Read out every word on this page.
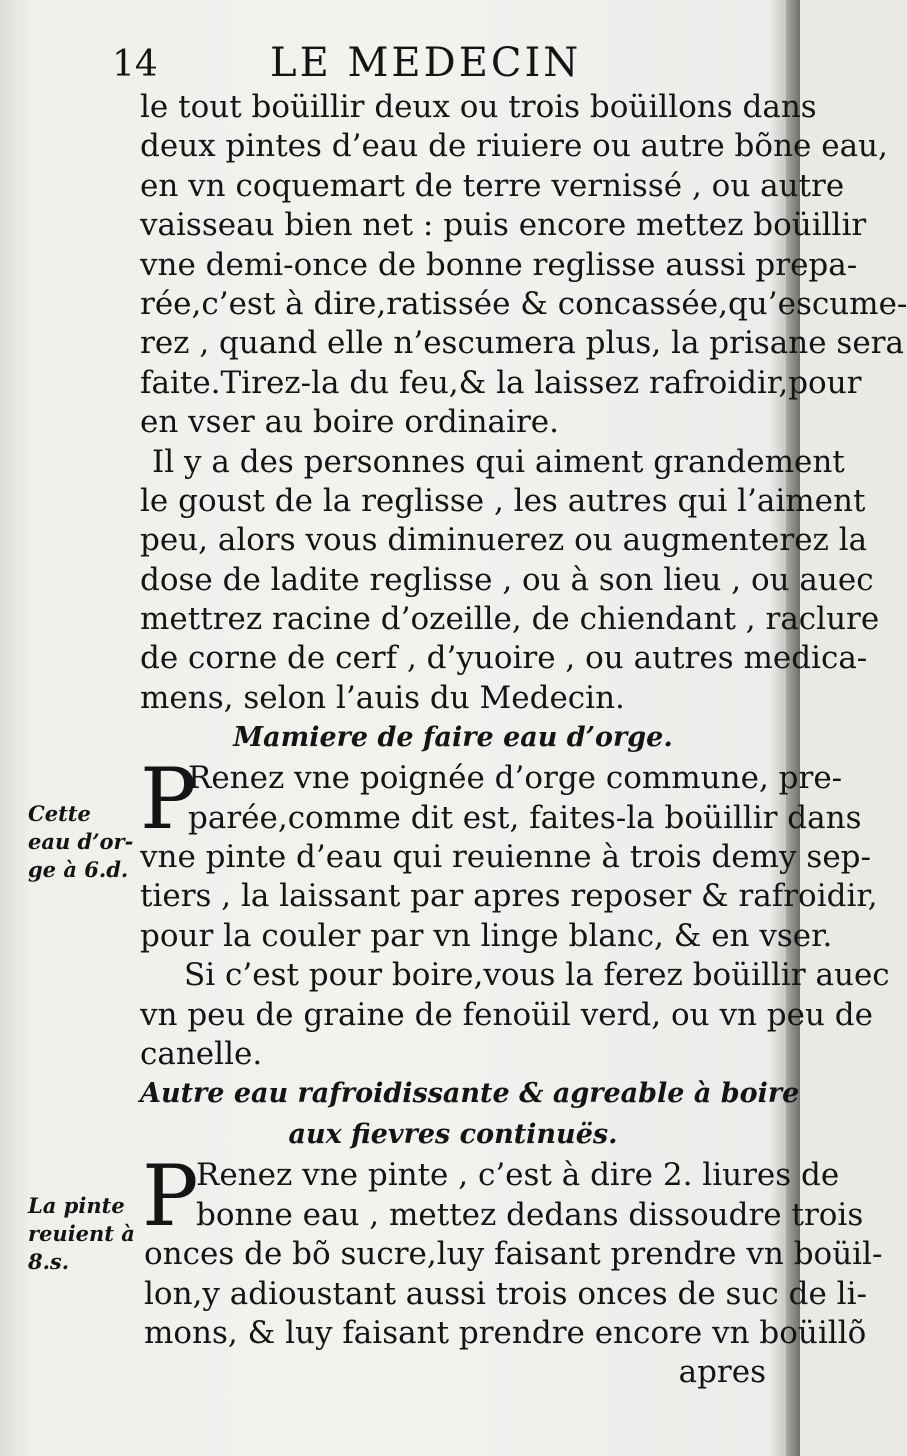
14	LE MEDECIN
Cette
eau d’or-
ge à 6.d.
La pinte
reuient à
8.s.
le tout boüillir deux ou trois boüillons dans
deux pintes d’eau de riuiere ou autre bõne eau,
en vn coquemart de terre vernissé , ou autre
vaisseau bien net : puis encore mettez boüillir
vne demi-once de bonne reglisse aussi prepa-
rée,c’est à dire,ratissée & concassée,qu’escume-
rez , quand elle n’escumera plus, la prisane sera
faite.Tirez-la du feu,& la laissez rafroidir,pour
en vser au boire ordinaire.
Il y a des personnes qui aiment grandement
le goust de la reglisse , les autres qui l’aiment
peu, alors vous diminuerez ou augmenterez la
dose de ladite reglisse , ou à son lieu , ou auec
mettrez racine d’ozeille, de chiendant , raclure
de corne de cerf , d’yuoire , ou autres medica-
mens, selon l’auis du Medecin.
Mamiere de faire eau d’orge.
P
Renez vne poignée d’orge commune, pre-
parée,comme dit est, faites-la boüillir dans
vne pinte d’eau qui reuienne à trois demy sep-
tiers , la laissant par apres reposer & rafroidir,
pour la couler par vn linge blanc, & en vser.
Si c’est pour boire,vous la ferez boüillir auec
vn peu de graine de fenoüil verd, ou vn peu de
canelle.
Autre eau rafroidissante & agreable à boire
aux fievres continuës.
P
Renez vne pinte , c’est à dire 2. liures de
bonne eau , mettez dedans dissoudre trois
onces de bõ sucre,luy faisant prendre vn boüil-
lon,y adioustant aussi trois onces de suc de li-
mons, & luy faisant prendre encore vn boüillõ
apres
